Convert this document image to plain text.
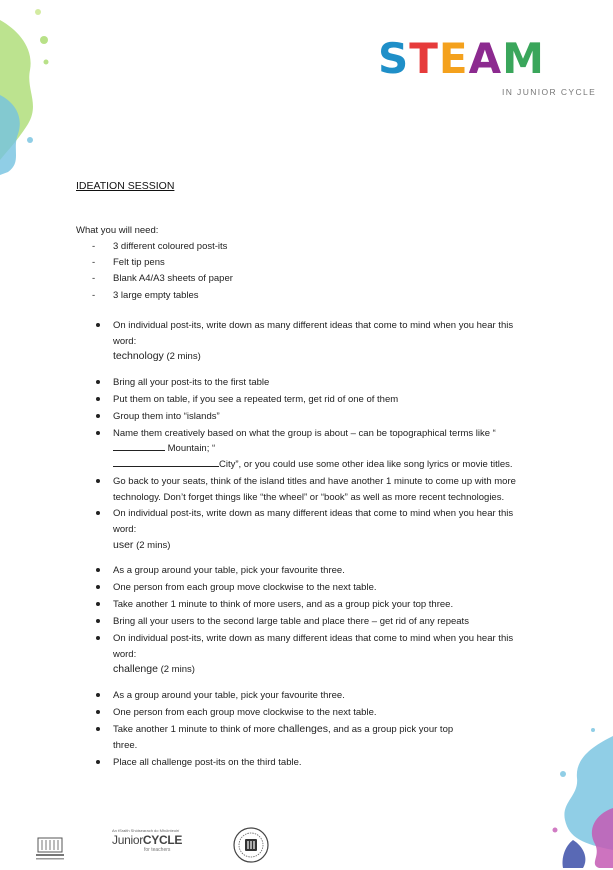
STEAM
IN JUNIOR CYCLE
IDEATION SESSION
What you will need:
- 3 different coloured post-its
- Felt tip pens
- Blank A4/A3 sheets of paper
- 3 large empty tables
On individual post-its, write down as many different ideas that come to mind when you hear this word:
technology (2 mins)
Bring all your post-its to the first table
Put them on table, if you see a repeated term, get rid of one of them
Group them into “islands”
Name them creatively based on what the group is about – can be topographical terms like “ Mountain; “
City”, or you could use some other idea like song lyrics or movie titles.
Go back to your seats, think of the island titles and have another 1 minute to come up with more technology. Don’t forget things like “the wheel” or “book” as well as more recent technologies.
On individual post-its, write down as many different ideas that come to mind when you hear this word:
user (2 mins)
As a group around your table, pick your favourite three.
One person from each group move clockwise to the next table.
Take another 1 minute to think of more users, and as a group pick your top three.
Bring all your users to the second large table and place there – get rid of any repeats
On individual post-its, write down as many different ideas that come to mind when you hear this word:
challenge (2 mins)
As a group around your table, pick your favourite three.
One person from each group move clockwise to the next table.
Take another 1 minute to think of more challenges, and as a group pick your top three.
Place all challenge post-its on the third table.
An tSraith Shóisearach do Mhúinteoirí
JuniorCYCLE
for teachers
